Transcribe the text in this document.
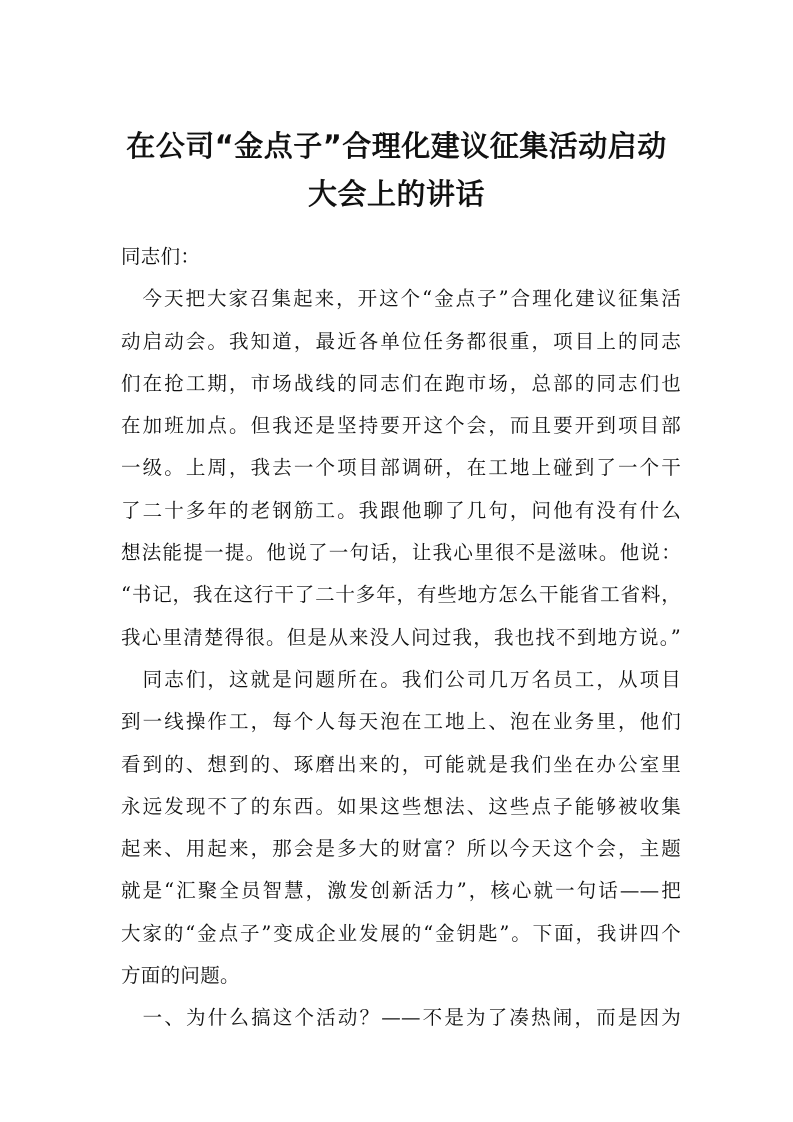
在公司“金点子”合理化建议征集活动启动
大会上的讲话
同志们：
　今天把大家召集起来，开这个“金点子”合理化建议征集活
动启动会。我知道，最近各单位任务都很重，项目上的同志
们在抢工期，市场战线的同志们在跑市场，总部的同志们也
在加班加点。但我还是坚持要开这个会，而且要开到项目部
一级。上周，我去一个项目部调研，在工地上碰到了一个干
了二十多年的老钢筋工。我跟他聊了几句，问他有没有什么
想法能提一提。他说了一句话，让我心里很不是滋味。他说：
“书记，我在这行干了二十多年，有些地方怎么干能省工省料，
我心里清楚得很。但是从来没人问过我，我也找不到地方说。”
　同志们，这就是问题所在。我们公司几万名员工，从项目
到一线操作工，每个人每天泡在工地上、泡在业务里，他们
看到的、想到的、琢磨出来的，可能就是我们坐在办公室里
永远发现不了的东西。如果这些想法、这些点子能够被收集
起来、用起来，那会是多大的财富？所以今天这个会，主题
就是“汇聚全员智慧，激发创新活力”，核心就一句话——把
大家的“金点子”变成企业发展的“金钥匙”。下面，我讲四个
方面的问题。
　一、为什么搞这个活动？——不是为了凑热闹，而是因为
